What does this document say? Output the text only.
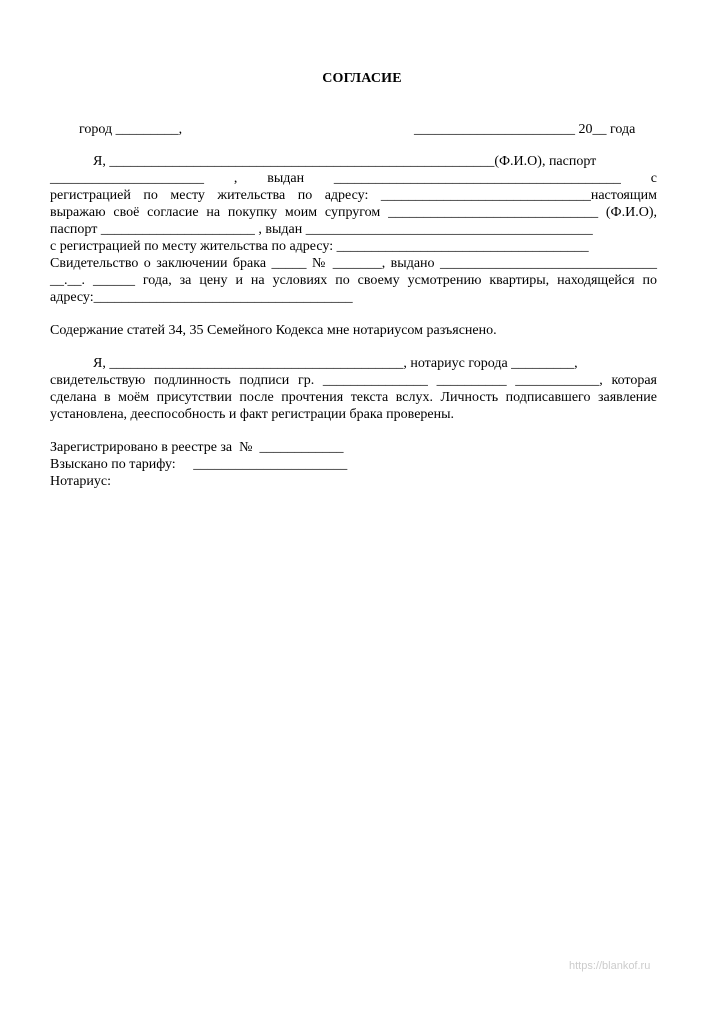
СОГЛАСИЕ
город _________,	_______________________ 20__ года
Я, _______________________________________________________(Ф.И.О), паспорт
______________________ , выдан _________________________________________ с
регистрацией по месту жительства по адресу: ______________________________настоящим
выражаю своё согласие на покупку моим супругом ______________________________ (Ф.И.О),
паспорт ______________________ , выдан _________________________________________
с регистрацией по месту жительства по адресу: ____________________________________
Свидетельство о заключении брака _____ № _______, выдано _______________________________
__.__. ______ года, за цену и на условиях по своему усмотрению квартиры, находящейся по
адресу:_____________________________________
Содержание статей 34, 35 Семейного Кодекса мне нотариусом разъяснено.
Я, __________________________________________, нотариус города _________,
свидетельствую подлинность подписи гр. _______________ __________ ____________, которая
сделана в моём присутствии после прочтения текста вслух. Личность подписавшего заявление
установлена, дееспособность и факт регистрации брака проверены.
Зарегистрировано в реестре за  №  ____________
Взыскано по тарифу:     ______________________
Нотариус:
https://blankof.ru
